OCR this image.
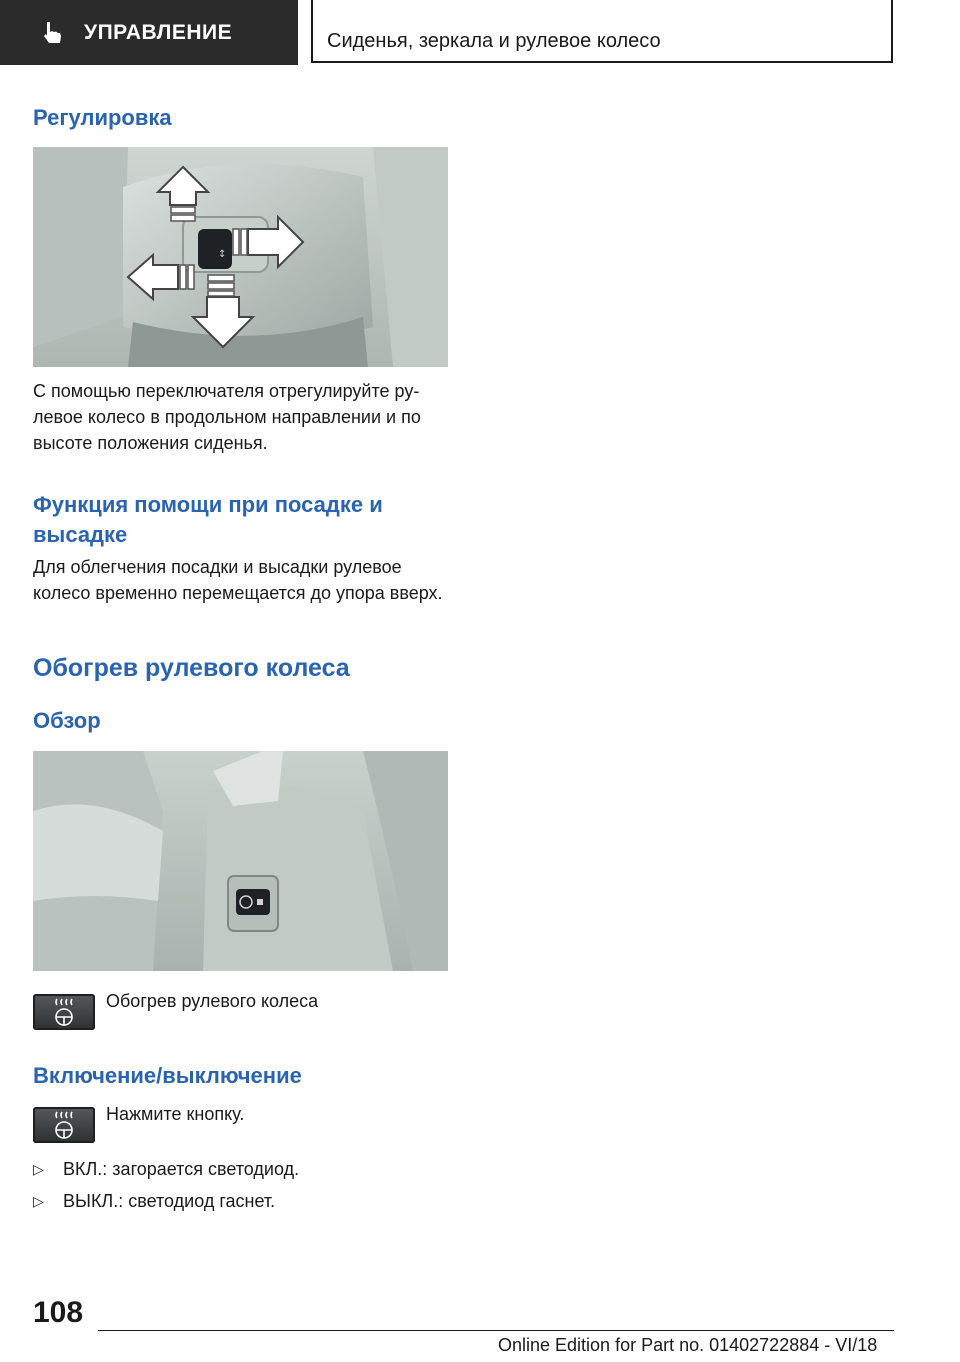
УПРАВЛЕНИЕ	Сиденья, зеркала и рулевое колесо
Регулировка
↕
С помощью переключателя отрегулируйте ру-левое колесо в продольном направлении и по высоте положения сиденья.
Функция помощи при посадке и высадке
Для облегчения посадки и высадки рулевое колесо временно перемещается до упора вверх.
Обогрев рулевого колеса
Обзор
Обогрев рулевого колеса
Включение/выключение
Нажмите кнопку.
▷	ВКЛ.: загорается светодиод.
▷	ВЫКЛ.: светодиод гаснет.
108
Online Edition for Part no. 01402722884 - VI/18
